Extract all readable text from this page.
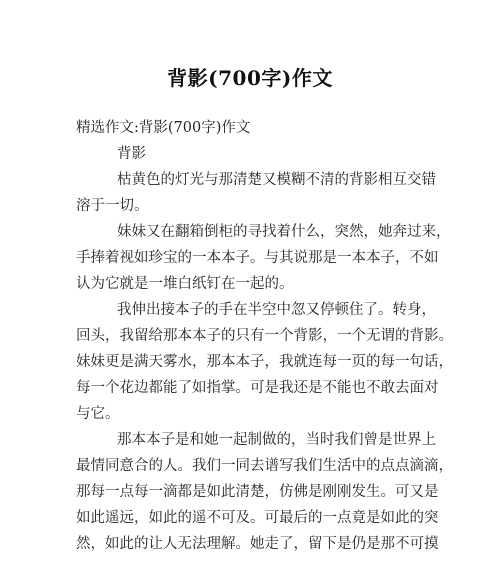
背影(700字)作文
精选作文:背影(700字)作文
背影
枯黄色的灯光与那清楚又模糊不清的背影相互交错
溶于一切。
妹妹又在翻箱倒柜的寻找着什么，突然，她奔过来，
手捧着视如珍宝的一本本子。与其说那是一本本子，不如
认为它就是一堆白纸钉在一起的。
我伸出接本子的手在半空中忽又停顿住了。转身，
回头，我留给那本本子的只有一个背影，一个无谓的背影。
妹妹更是满天雾水，那本本子，我就连每一页的每一句话，
每一个花边都能了如指掌。可是我还是不能也不敢去面对
与它。
那本本子是和她一起制做的，当时我们曾是世界上
最情同意合的人。我们一同去谱写我们生活中的点点滴滴，
那每一点每一滴都是如此清楚，仿佛是刚刚发生。可又是
如此遥远，如此的遥不可及。可最后的一点竟是如此的突
然，如此的让人无法理解。她走了，留下是仍是那不可摸
